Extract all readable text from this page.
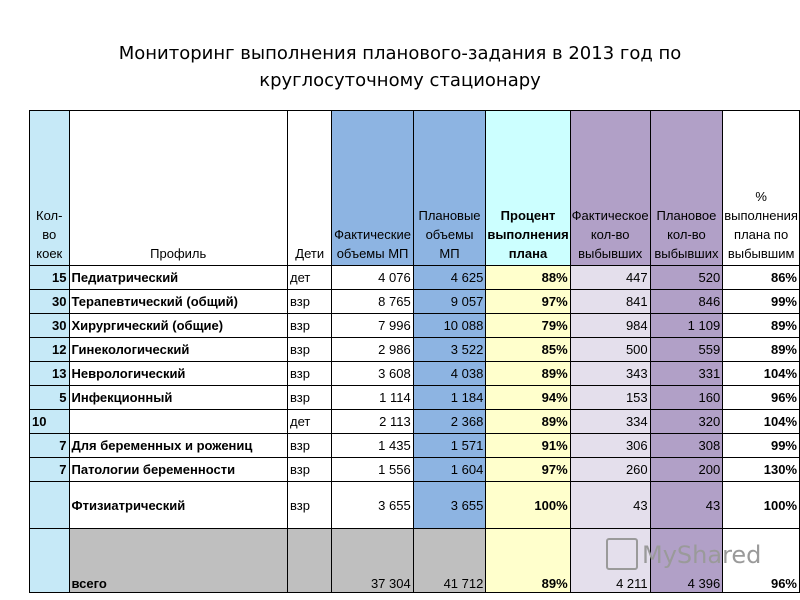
Мониторинг выполнения планового-задания в 2013 год по
круглосуточному стационару
Кол-во коек	Профиль	Дети	Фактические объемы МП	Плановые объемы МП	Процент выполнения плана	Фактическое кол-во выбывших	Плановое кол-во выбывших	% выполнения плана по выбывшим
15	Педиатрический	дет	4 076	4 625	88%	447	520	86%
30	Терапевтический (общий)	взр	8 765	9 057	97%	841	846	99%
30	Хирургический (общие)	взр	7 996	10 088	79%	984	1 109	89%
12	Гинекологический	взр	2 986	3 522	85%	500	559	89%
13	Неврологический	взр	3 608	4 038	89%	343	331	104%
5	Инфекционный	взр	1 114	1 184	94%	153	160	96%
10		дет	2 113	2 368	89%	334	320	104%
7	Для беременных и рожениц	взр	1 435	1 571	91%	306	308	99%
7	Патологии беременности	взр	1 556	1 604	97%	260	200	130%
	Фтизиатрический	взр	3 655	3 655	100%	43	43	100%
	всего		37 304	41 712	89%	4 211	4 396	96%
MyShared
